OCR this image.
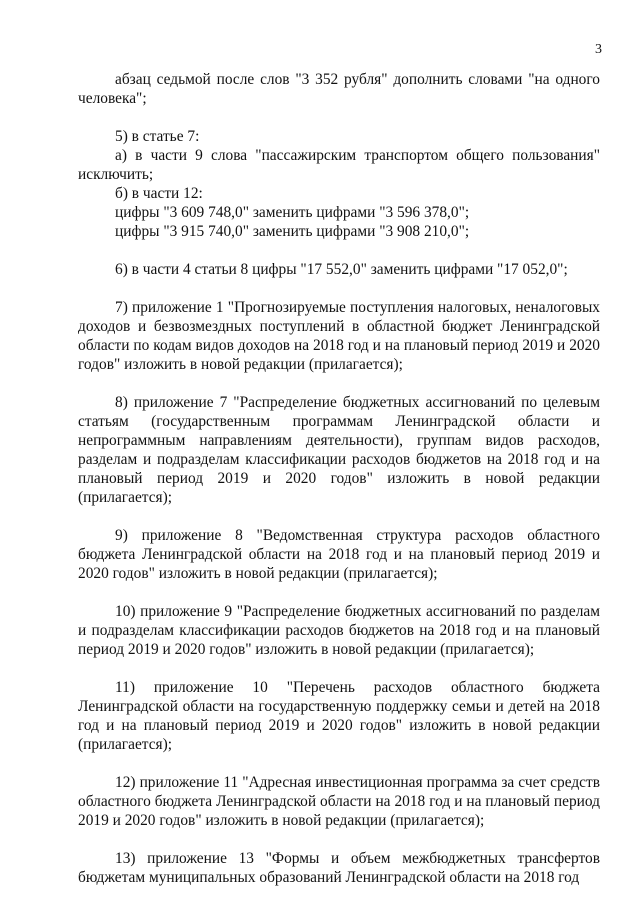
3

абзац седьмой после слов "3 352 рубля" дополнить словами "на одного человека";

5) в статье 7:

а) в части 9 слова "пассажирским транспортом общего пользования" исключить;

б) в части 12:

цифры "3 609 748,0" заменить цифрами "3 596 378,0";

цифры "3 915 740,0" заменить цифрами "3 908 210,0";

6) в части 4 статьи 8 цифры "17 552,0" заменить цифрами "17 052,0";

7) приложение 1 "Прогнозируемые поступления налоговых, неналоговых доходов и безвозмездных поступлений в областной бюджет Ленинградской области по кодам видов доходов на 2018 год и на плановый период 2019 и 2020 годов" изложить в новой редакции (прилагается);

8) приложение 7 "Распределение бюджетных ассигнований по целевым статьям (государственным программам Ленинградской области и непрограммным направлениям деятельности), группам видов расходов, разделам и подразделам классификации расходов бюджетов на 2018 год и на плановый период 2019 и 2020 годов" изложить в новой редакции (прилагается);

9) приложение 8 "Ведомственная структура расходов областного бюджета Ленинградской области на 2018 год и на плановый период 2019 и 2020 годов" изложить в новой редакции (прилагается);

10) приложение 9 "Распределение бюджетных ассигнований по разделам и подразделам классификации расходов бюджетов на 2018 год и на плановый период 2019 и 2020 годов" изложить в новой редакции (прилагается);

11) приложение 10 "Перечень расходов областного бюджета Ленинградской области на государственную поддержку семьи и детей на 2018 год и на плановый период 2019 и 2020 годов" изложить в новой редакции (прилагается);

12) приложение 11 "Адресная инвестиционная программа за счет средств областного бюджета Ленинградской области на 2018 год и на плановый период 2019 и 2020 годов" изложить в новой редакции (прилагается);

13) приложение 13 "Формы и объем межбюджетных трансфертов бюджетам муниципальных образований Ленинградской области на 2018 год
